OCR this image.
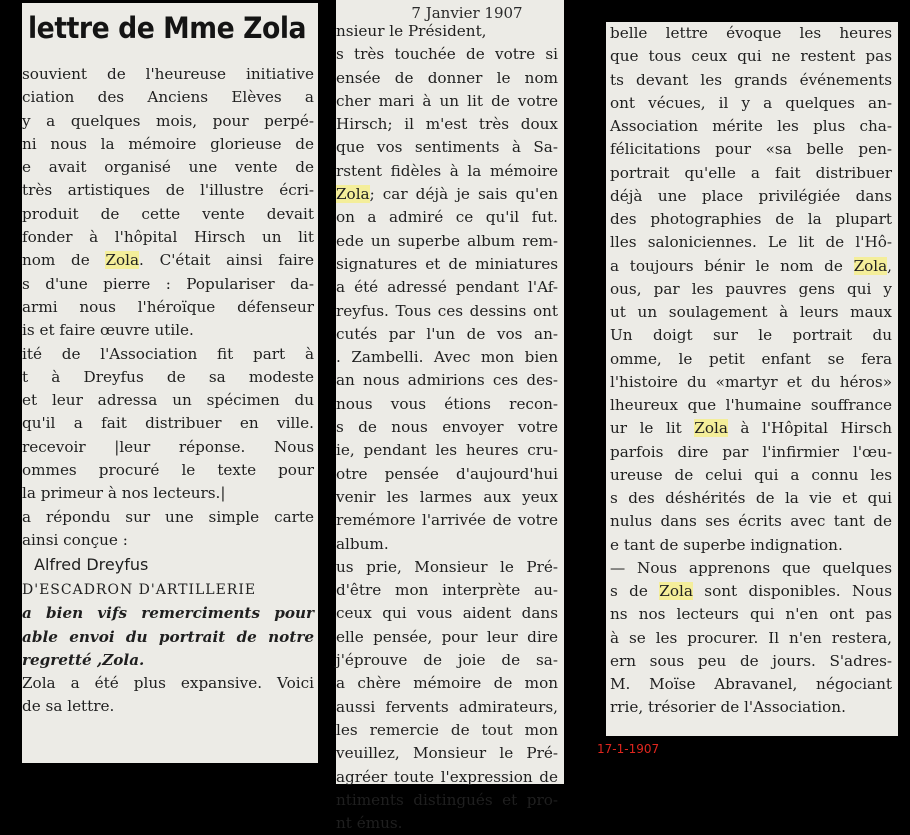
lettre de Mme Zola
souvient de l'heureuse initiative
ciation des Anciens Elèves a
y a quelques mois, pour perpé-
ni nous la mémoire glorieuse de
e avait organisé une vente de
très artistiques de l'illustre écri-
produit de cette vente devait
fonder à l'hôpital Hirsch un lit
nom de Zola. C'était ainsi faire
s d'une pierre : Populariser da-
armi nous l'héroïque défenseur
is et faire œuvre utile.
ité de l'Association fit part à
t à Dreyfus de sa modeste
et leur adressa un spécimen du
qu'il a fait distribuer en ville.
recevoir |leur réponse. Nous
ommes procuré le texte pour
la primeur à nos lecteurs.|
a répondu sur une simple carte
ainsi conçue :
Alfred Dreyfus
D'ESCADRON D'ARTILLERIE
a bien vifs remerciments pour
able envoi du portrait de notre
regretté ,Zola.
Zola a été plus expansive. Voici
de sa lettre.
7 Janvier 1907
nsieur le Président,
s très touchée de votre si
ensée de donner le nom
cher mari à un lit de votre
Hirsch; il m'est très doux
que vos sentiments à Sa-
rstent fidèles à la mémoire
Zola; car déjà je sais qu'en
on a admiré ce qu'il fut.
ede un superbe album rem-
signatures et de miniatures
a été adressé pendant l'Af-
reyfus. Tous ces dessins ont
cutés par l'un de vos an-
. Zambelli. Avec mon bien
an nous admirions ces des-
nous vous étions recon-
s de nous envoyer votre
ie, pendant les heures cru-
otre pensée d'aujourd'hui
venir les larmes aux yeux
remémore l'arrivée de votre
album.
us prie, Monsieur le Pré-
d'être mon interprète au-
ceux qui vous aident dans
elle pensée, pour leur dire
j'éprouve de joie de sa-
a chère mémoire de mon
aussi fervents admirateurs,
les remercie de tout mon
veuillez, Monsieur le Pré-
agréer toute l'expression de
ntiments distingués et pro-
nt émus.
belle lettre évoque les heures
que tous ceux qui ne restent pas
ts devant les grands événements
ont vécues, il y a quelques an-
Association mérite les plus cha-
félicitations pour «sa belle pen-
portrait qu'elle a fait distribuer
déjà une place privilégiée dans
des photographies de la plupart
lles saloniciennes. Le lit de l'Hô-
a toujours bénir le nom de Zola,
ous, par les pauvres gens qui y
ut un soulagement à leurs maux
Un doigt sur le portrait du
omme, le petit enfant se fera
l'histoire du «martyr et du héros»
lheureux que l'humaine souffrance
ur le lit Zola à l'Hôpital Hirsch
parfois dire par l'infirmier l'œu-
ureuse de celui qui a connu les
s des déshérités de la vie et qui
nulus dans ses écrits avec tant de
e tant de superbe indignation.
— Nous apprenons que quelques
s de Zola sont disponibles. Nous
ns nos lecteurs qui n'en ont pas
à se les procurer. Il n'en restera,
ern sous peu de jours. S'adres-
M. Moïse Abravanel, négociant
rrie, trésorier de l'Association.
17-1-1907
